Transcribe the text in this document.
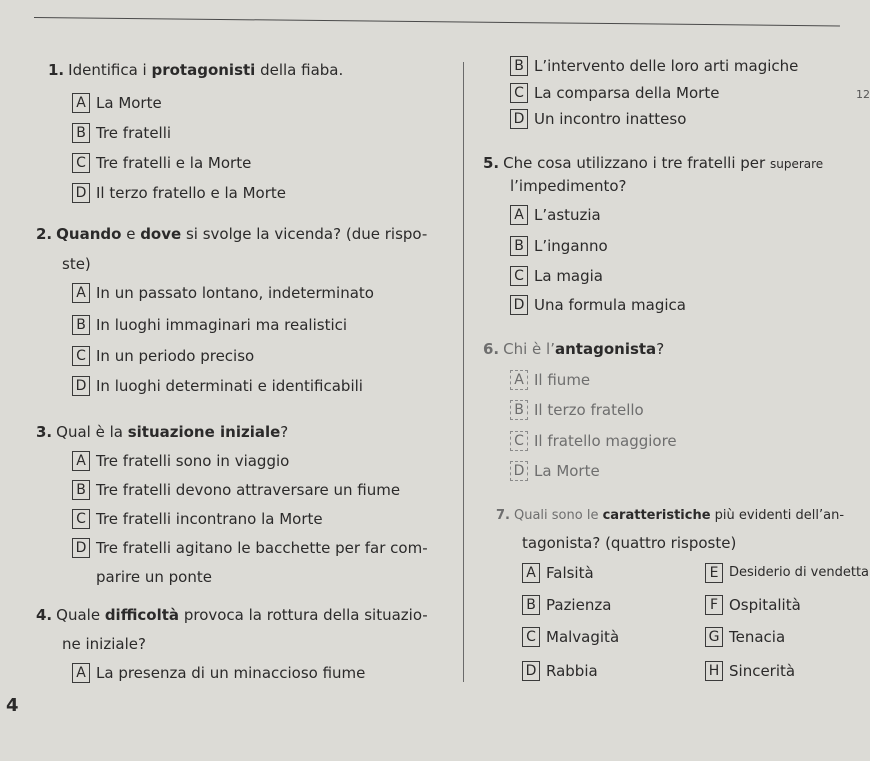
12
1. Identifica i protagonisti della fiaba.
A La Morte
B Tre fratelli
C Tre fratelli e la Morte
D Il terzo fratello e la Morte
2. Quando e dove si svolge la vicenda? (due rispo-
ste)
A In un passato lontano, indeterminato
B In luoghi immaginari ma realistici
C In un periodo preciso
D In luoghi determinati e identificabili
3. Qual è la situazione iniziale?
A Tre fratelli sono in viaggio
B Tre fratelli devono attraversare un fiume
C Tre fratelli incontrano la Morte
D Tre fratelli agitano le bacchette per far com-
parire un ponte
4. Quale difficoltà provoca la rottura della situazio-
ne iniziale?
A La presenza di un minaccioso fiume
B L’intervento delle loro arti magiche
C La comparsa della Morte
D Un incontro inatteso
5. Che cosa utilizzano i tre fratelli per superare
l’impedimento?
A L’astuzia
B L’inganno
C La magia
D Una formula magica
6. Chi è l’antagonista?
A Il fiume
B Il terzo fratello
C Il fratello maggiore
D La Morte
7. Quali sono le caratteristiche più evidenti dell’an-
tagonista? (quattro risposte)
A Falsità
B Pazienza
C Malvagità
D Rabbia
E Desiderio di vendetta
F Ospitalità
G Tenacia
H Sincerità
4
